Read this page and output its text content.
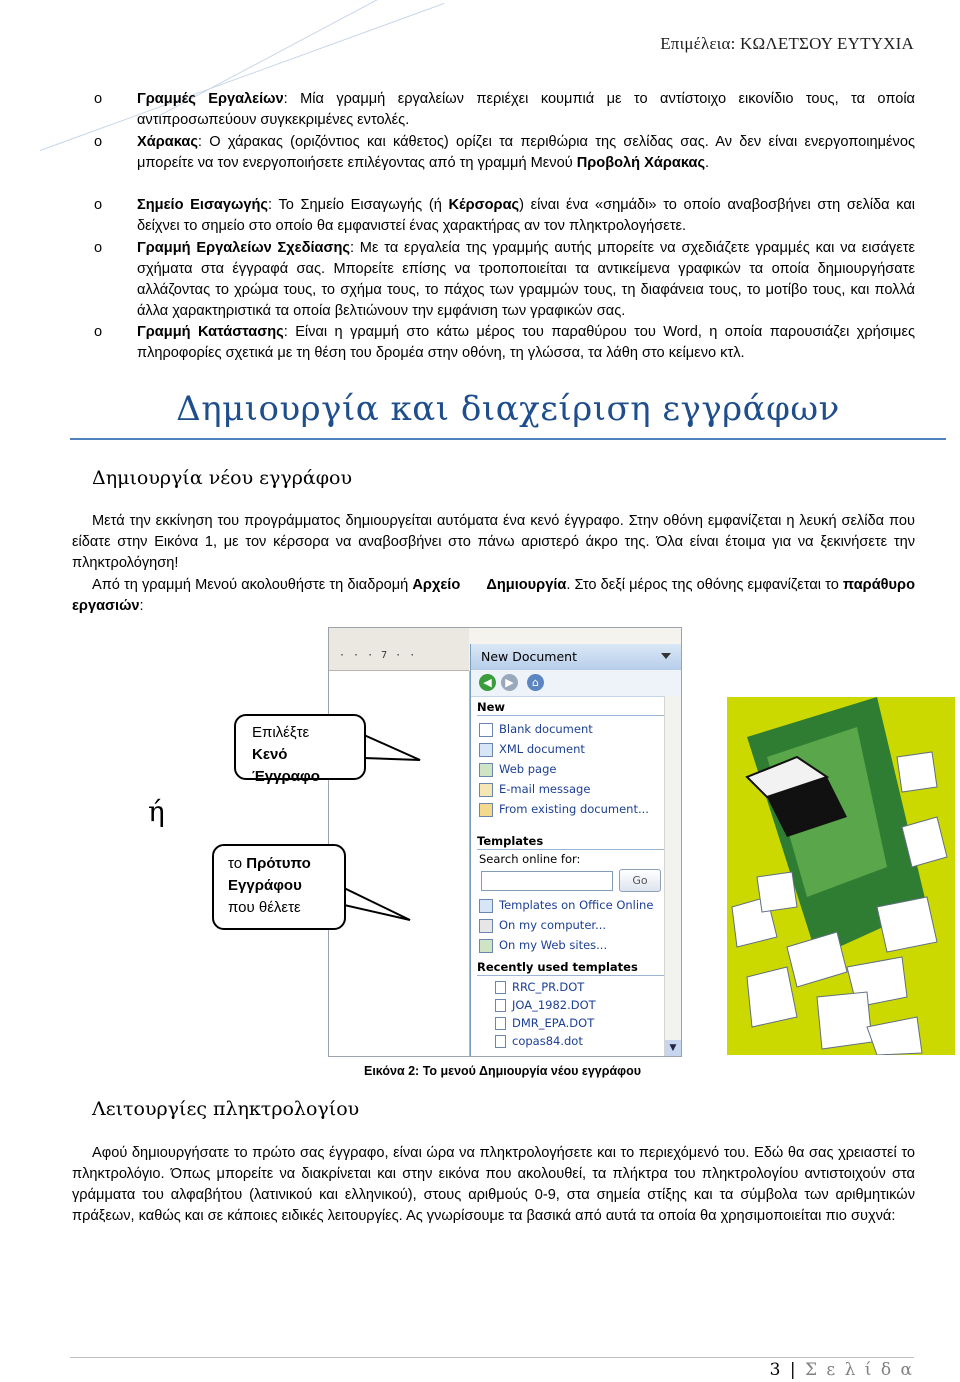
Επιμέλεια: ΚΩΛΕΤΣΟΥ ΕΥΤΥΧΙΑ
o Γραμμές Εργαλείων: Μία γραμμή εργαλείων περιέχει κουμπιά με το αντίστοιχο εικονίδιο τους, τα οποία αντιπροσωπεύουν συγκεκριμένες εντολές.
o Χάρακας: Ο χάρακας (οριζόντιος και κάθετος) ορίζει τα περιθώρια της σελίδας σας. Αν δεν είναι ενεργοποιημένος μπορείτε να τον ενεργοποιήσετε επιλέγοντας από τη γραμμή Μενού Προβολή Χάρακας.
o Σημείο Εισαγωγής: Το Σημείο Εισαγωγής (ή Κέρσορας) είναι ένα «σημάδι» το οποίο αναβοσβήνει στη σελίδα και δείχνει το σημείο στο οποίο θα εμφανιστεί ένας χαρακτήρας αν τον πληκτρολογήσετε.
o Γραμμή Εργαλείων Σχεδίασης: Με τα εργαλεία της γραμμής αυτής μπορείτε να σχεδιάζετε γραμμές και να εισάγετε σχήματα στα έγγραφά σας. Μπορείτε επίσης να τροποποιείται τα αντικείμενα γραφικών τα οποία δημιουργήσατε αλλάζοντας το χρώμα τους, το σχήμα τους, το πάχος των γραμμών τους, τη διαφάνεια τους, το μοτίβο τους, και πολλά άλλα χαρακτηριστικά τα οποία βελτιώνουν την εμφάνιση των γραφικών σας.
o Γραμμή Κατάστασης: Είναι η γραμμή στο κάτω μέρος του παραθύρου του Word, η οποία παρουσιάζει χρήσιμες πληροφορίες σχετικά με τη θέση του δρομέα στην οθόνη, τη γλώσσα, τα λάθη στο κείμενο κτλ.
Δημιουργία και διαχείριση εγγράφων
Δημιουργία νέου εγγράφου
Μετά την εκκίνηση του προγράμματος δημιουργείται αυτόματα ένα κενό έγγραφο. Στην οθόνη εμφανίζεται η λευκή σελίδα που είδατε στην Εικόνα 1, με τον κέρσορα να αναβοσβήνει στο πάνω αριστερό άκρο της. Όλα είναι έτοιμα για να ξεκινήσετε την πληκτρολόγηση!
Από τη γραμμή Μενού ακολουθήστε τη διαδρομή Αρχείο Δημιουργία. Στο δεξί μέρος της οθόνης εμφανίζεται το παράθυρο εργασιών:
· · · 7 · ·	New Document
◀	▶	⌂
New
Blank document
XML document
Web page
E-mail message
From existing document...
Templates
Search online for:
Go
Templates on Office Online
On my computer...
On my Web sites...
Recently used templates
RRC_PR.DOT
JOA_1982.DOT
DMR_EPA.DOT
copas84.dot	▼
Επιλέξτε
Κενό Έγγραφο
το Πρότυπο Εγγράφου που θέλετε
ή
Εικόνα 2: Το μενού Δημιουργία νέου εγγράφου
Λειτουργίες πληκτρολογίου
Αφού δημιουργήσατε το πρώτο σας έγγραφο, είναι ώρα να πληκτρολογήσετε και το περιεχόμενό του. Εδώ θα σας χρειαστεί το πληκτρολόγιο. Όπως μπορείτε να διακρίνεται και στην εικόνα που ακολουθεί, τα πλήκτρα του πληκτρολογίου αντιστοιχούν στα γράμματα του αλφαβήτου (λατινικού και ελληνικού), στους αριθμούς 0-9, στα σημεία στίξης και τα σύμβολα των αριθμητικών πράξεων, καθώς και σε κάποιες ειδικές λειτουργίες. Ας γνωρίσουμε τα βασικά από αυτά τα οποία θα χρησιμοποιείται πιο συχνά:
3 | Σ ε λ ί δ α
